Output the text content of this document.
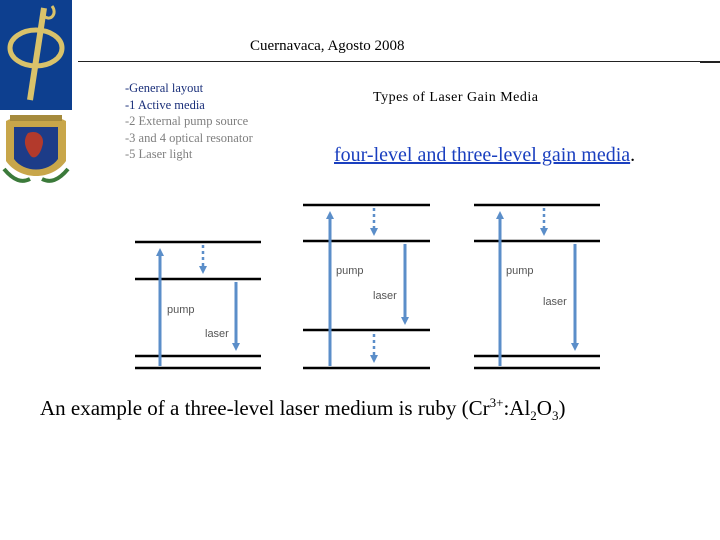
Cuernavaca, Agosto 2008
-General layout
-1 Active media
-2 External pump source
-3 and 4 optical resonator
-5 Laser light
Types of Laser Gain Media
four-level and three-level gain media.
pump
laser
pump
laser
pump
laser
An example of a three-level laser medium is ruby $(Cr^{3+}:Al_2O_3)$
